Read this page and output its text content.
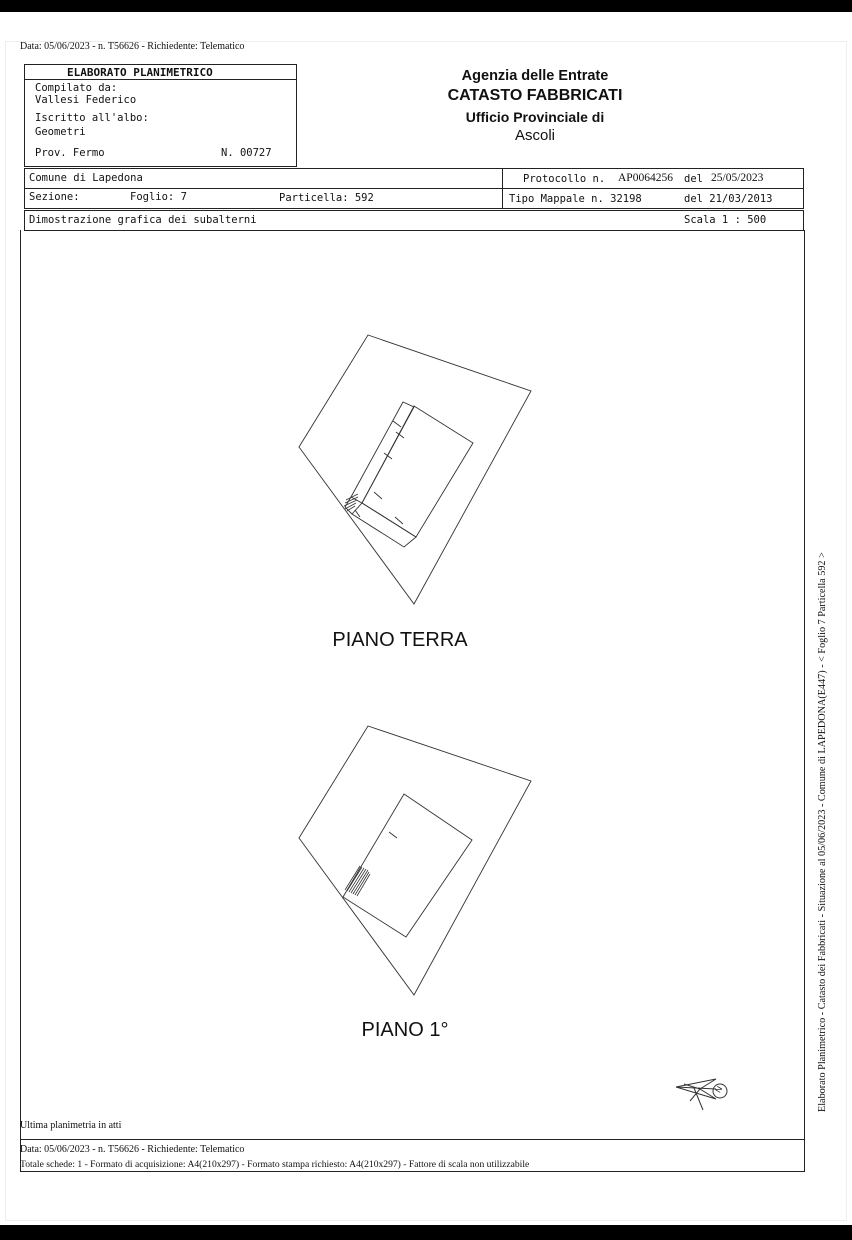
Data: 05/06/2023 - n. T56626 - Richiedente: Telematico
ELABORATO PLANIMETRICO
Compilato da:
Vallesi Federico
Iscritto all'albo:
Geometri
Prov. Fermo	N. 00727
Agenzia delle Entrate
CATASTO FABBRICATI
Ufficio Provinciale di
Ascoli
Comune di Lapedona
Sezione:	Foglio: 7	Particella: 592
Protocollo n. AP0064256 del 25/05/2023
Tipo Mappale n. 32198	del 21/03/2013
Dimostrazione grafica dei subalterni	Scala 1 : 500
N
PIANO TERRA
PIANO 1°
Ultima planimetria in atti
Data: 05/06/2023 - n. T56626 - Richiedente: Telematico
Totale schede: 1 - Formato di acquisizione: A4(210x297) - Formato stampa richiesto: A4(210x297) - Fattore di scala non utilizzabile
Elaborato Planimetrico - Catasto dei Fabbricati - Situazione al 05/06/2023 - Comune di LAPEDONA(E447) - < Foglio 7 Particella 592 >
